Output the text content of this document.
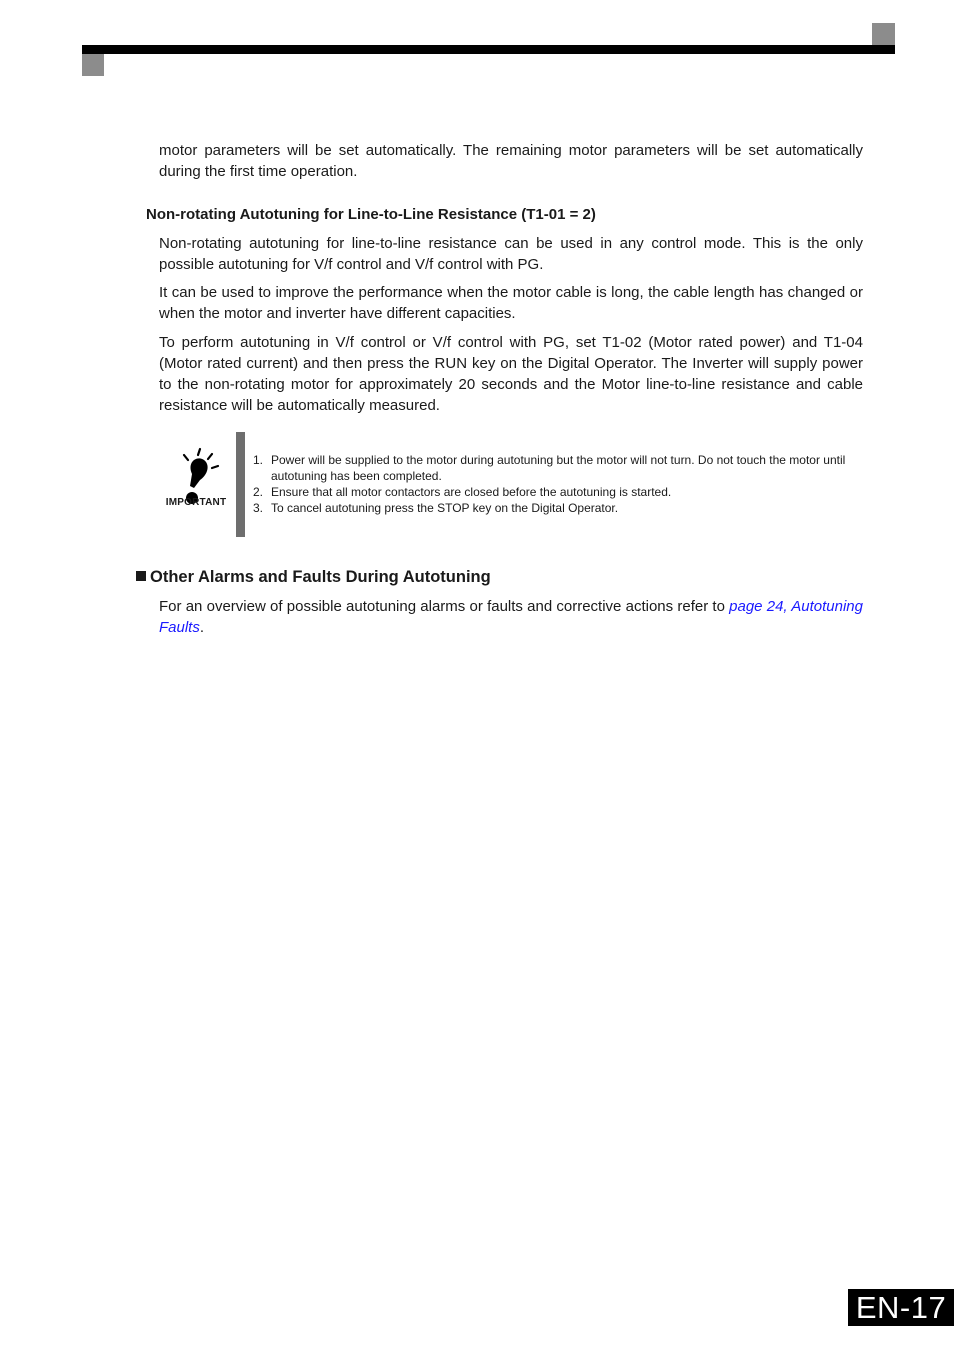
motor parameters will be set automatically. The remaining motor parameters will be set automatically during the first time operation.

Non-rotating Autotuning for Line-to-Line Resistance (T1-01 = 2)

Non-rotating autotuning for line-to-line resistance can be used in any control mode. This is the only possible autotuning for V/f control and V/f control with PG.

It can be used to improve the performance when the motor cable is long, the cable length has changed or when the motor and inverter have different capacities.

To perform autotuning in V/f control or V/f control with PG, set T1-02 (Motor rated power) and T1-04 (Motor rated current) and then press the RUN key on the Digital Operator. The Inverter will supply power to the non-rotating motor for approximately 20 seconds and the Motor line-to-line resistance and cable resistance will be automatically measured.

IMPORTANT
1. Power will be supplied to the motor during autotuning but the motor will not turn. Do not touch the motor until autotuning has been completed.
2. Ensure that all motor contactors are closed before the autotuning is started.
3. To cancel autotuning press the STOP key on the Digital Operator.
Other Alarms and Faults During Autotuning

For an overview of possible autotuning alarms or faults and corrective actions refer to page 24, Autotuning Faults.

EN-17
